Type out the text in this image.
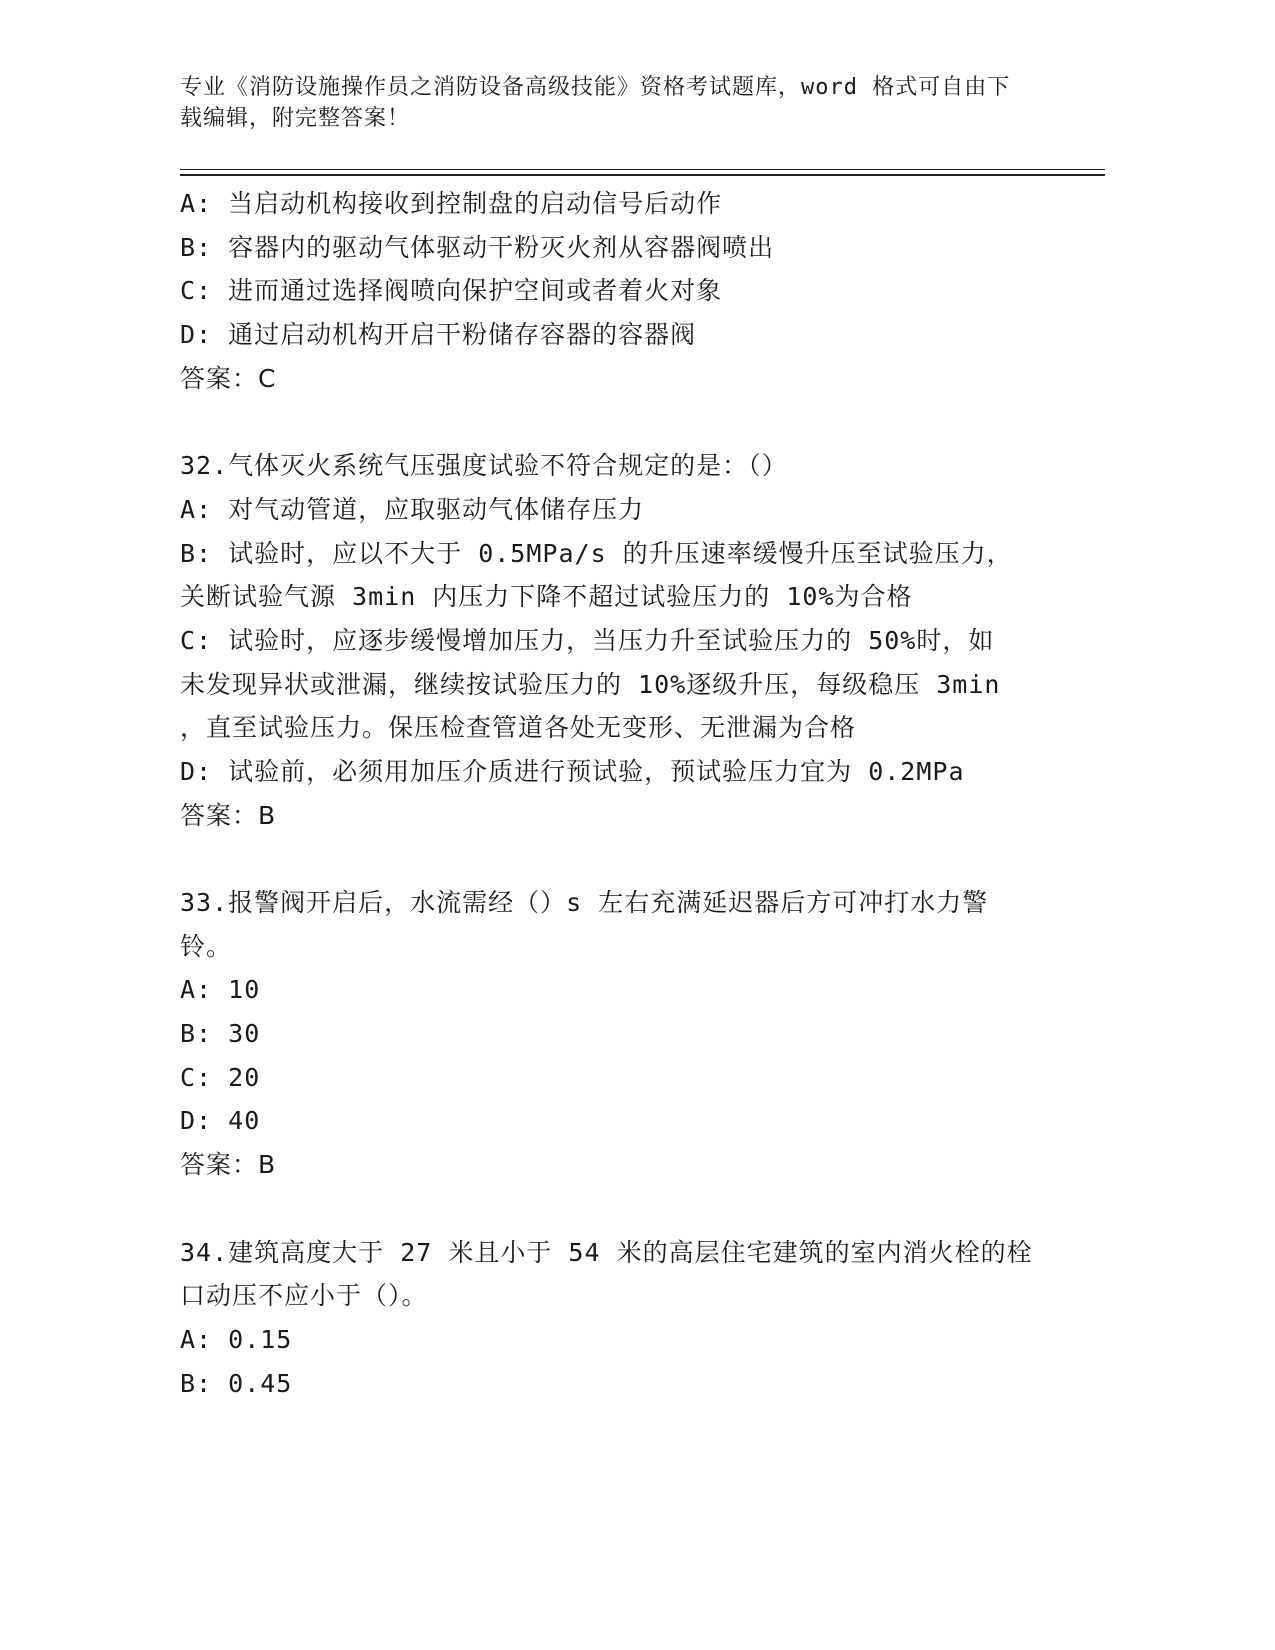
专业《消防设施操作员之消防设备高级技能》资格考试题库，word 格式可自由下
载编辑，附完整答案！
A: 当启动机构接收到控制盘的启动信号后动作
B: 容器内的驱动气体驱动干粉灭火剂从容器阀喷出
C: 进而通过选择阀喷向保护空间或者着火对象
D: 通过启动机构开启干粉储存容器的容器阀
答案：C
32.气体灭火系统气压强度试验不符合规定的是：（）
A: 对气动管道，应取驱动气体储存压力
B: 试验时，应以不大于 0.5MPa/s 的升压速率缓慢升压至试验压力，
关断试验气源 3min 内压力下降不超过试验压力的 10%为合格
C: 试验时，应逐步缓慢增加压力，当压力升至试验压力的 50%时，如
未发现异状或泄漏，继续按试验压力的 10%逐级升压，每级稳压 3min
，直至试验压力。保压检查管道各处无变形、无泄漏为合格
D: 试验前，必须用加压介质进行预试验，预试验压力宜为 0.2MPa
答案：B
33.报警阀开启后，水流需经（）s 左右充满延迟器后方可冲打水力警
铃。
A: 10
B: 30
C: 20
D: 40
答案：B
34.建筑高度大于 27 米且小于 54 米的高层住宅建筑的室内消火栓的栓
口动压不应小于（）。
A: 0.15
B: 0.45
